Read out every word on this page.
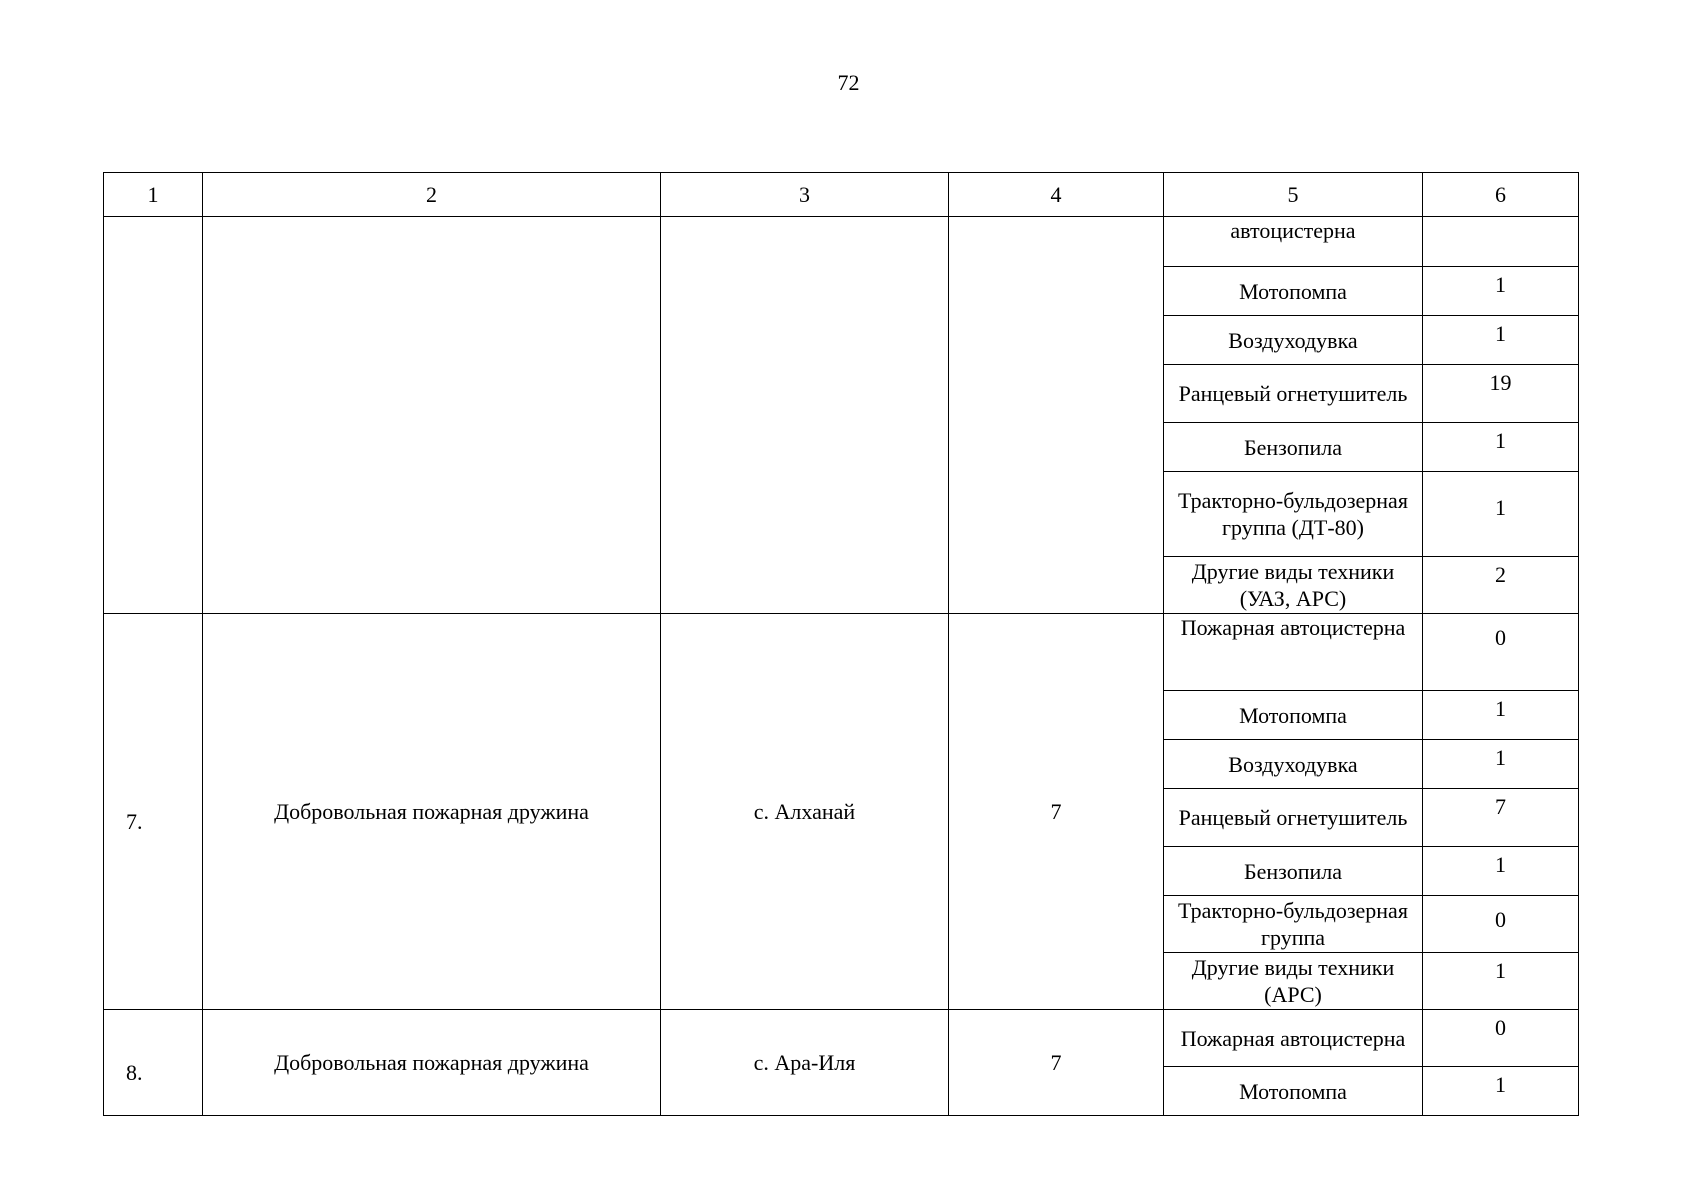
72
1	2	3	4	5	6
				автоцистерна	
				Мотопомпа	1
				Воздуходувка	1
				Ранцевый огнетушитель	19
				Бензопила	1
				Тракторно-бульдозерная группа (ДТ-80)	1
				Другие виды техники (УАЗ, АРС)	2
7.	Добровольная пожарная дружина	с. Алханай	7	Пожарная автоцистерна	0
				Мотопомпа	1
				Воздуходувка	1
				Ранцевый огнетушитель	7
				Бензопила	1
				Тракторно-бульдозерная группа	0
				Другие виды техники (АРС)	1
8.	Добровольная пожарная дружина	с. Ара-Иля	7	Пожарная автоцистерна	0
				Мотопомпа	1
